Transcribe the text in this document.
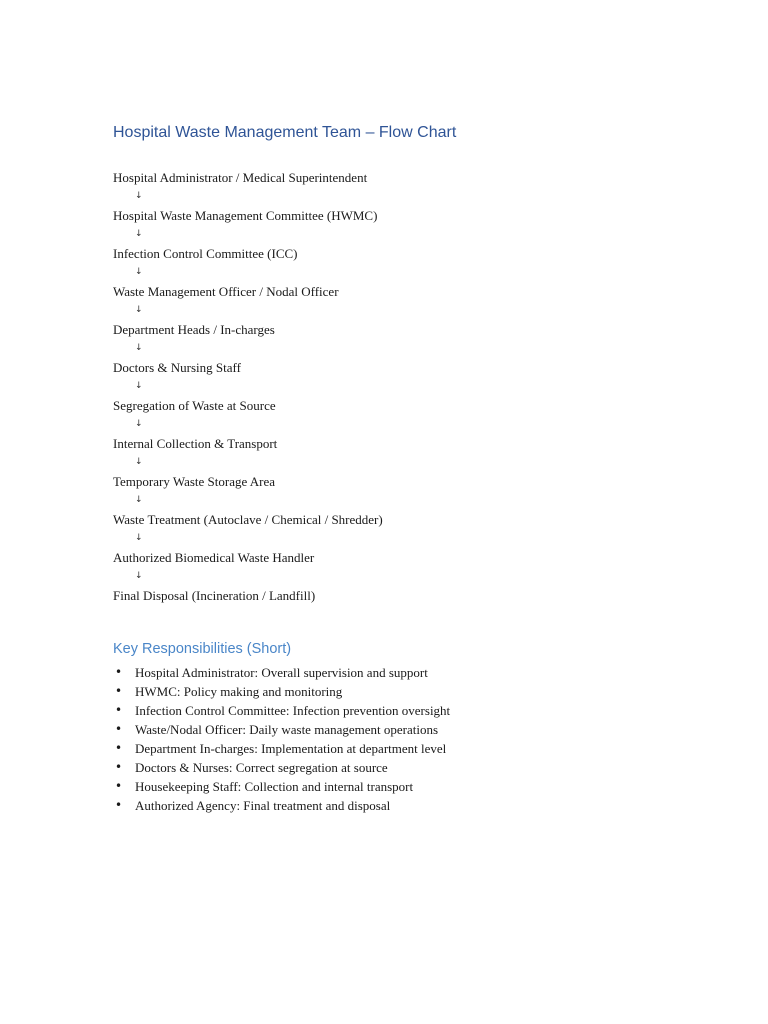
Hospital Waste Management Team – Flow Chart
Hospital Administrator / Medical Superintendent
↓
Hospital Waste Management Committee (HWMC)
↓
Infection Control Committee (ICC)
↓
Waste Management Officer / Nodal Officer
↓
Department Heads / In-charges
↓
Doctors & Nursing Staff
↓
Segregation of Waste at Source
↓
Internal Collection & Transport
↓
Temporary Waste Storage Area
↓
Waste Treatment (Autoclave / Chemical / Shredder)
↓
Authorized Biomedical Waste Handler
↓
Final Disposal (Incineration / Landfill)
Key Responsibilities (Short)
• Hospital Administrator: Overall supervision and support
• HWMC: Policy making and monitoring
• Infection Control Committee: Infection prevention oversight
• Waste/Nodal Officer: Daily waste management operations
• Department In-charges: Implementation at department level
• Doctors & Nurses: Correct segregation at source
• Housekeeping Staff: Collection and internal transport
• Authorized Agency: Final treatment and disposal
